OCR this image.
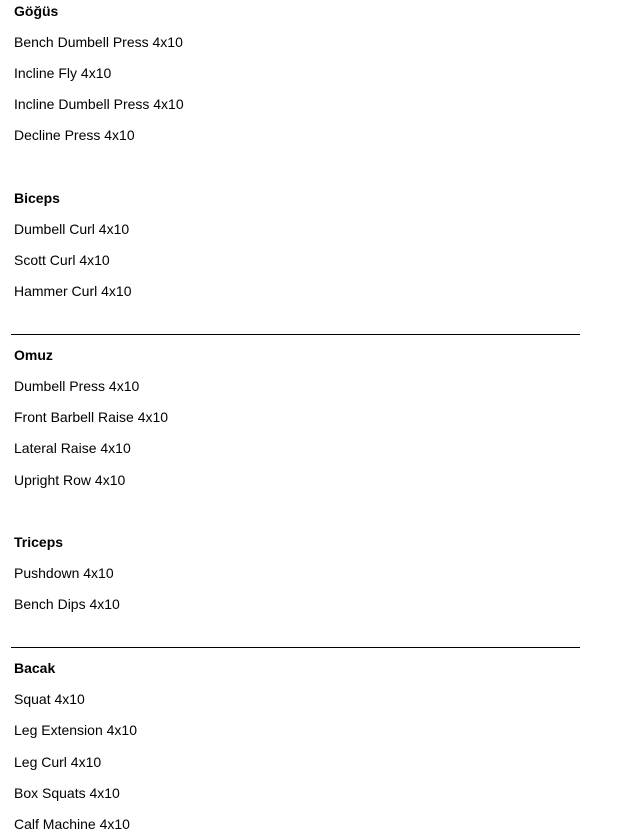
Göğüs
Bench Dumbell Press 4x10
Incline Fly 4x10
Incline Dumbell Press 4x10
Decline Press 4x10
Biceps
Dumbell Curl 4x10
Scott Curl 4x10
Hammer Curl 4x10
Omuz
Dumbell Press 4x10
Front Barbell Raise 4x10
Lateral Raise 4x10
Upright Row 4x10
Triceps
Pushdown 4x10
Bench Dips 4x10
Bacak
Squat 4x10
Leg Extension 4x10
Leg Curl 4x10
Box Squats 4x10
Calf Machine 4x10
